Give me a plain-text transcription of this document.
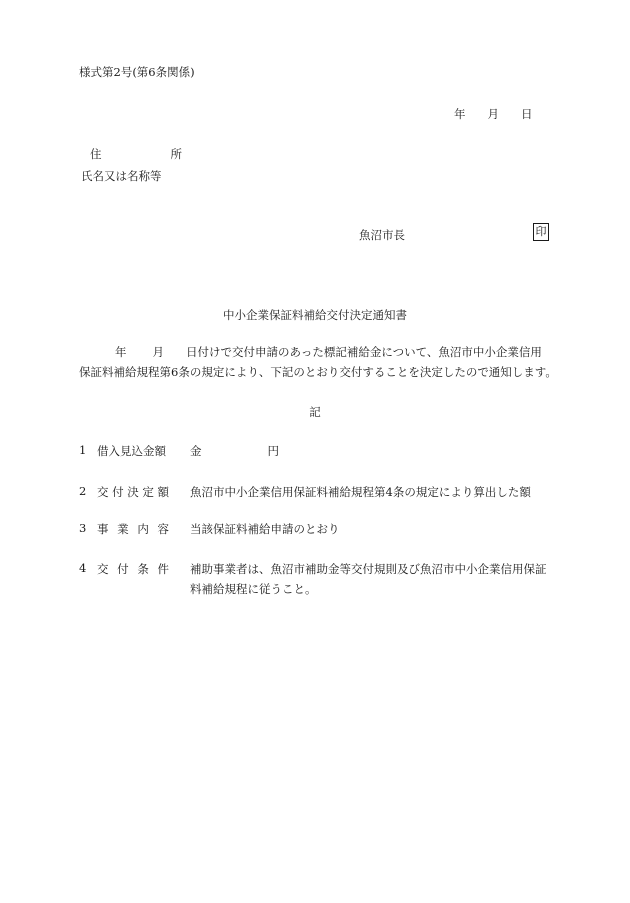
様式第2号(第6条関係)
年 月 日
住	所
氏名又は名称等
魚沼市長	印
中小企業保証料補給交付決定通知書
年 月 日付けで交付申請のあった標記補給金について、魚沼市中小企業信用
保証料補給規程第6条の規定により、下記のとおり交付することを決定したので通知します。
記
1 借入見込金額 金	円
2 交付決定額 魚沼市中小企業信用保証料補給規程第4条の規定により算出した額
3 事業内容 当該保証料補給申請のとおり
4 交付条件 補助事業者は、魚沼市補助金等交付規則及び魚沼市中小企業信用保証
料補給規程に従うこと。
